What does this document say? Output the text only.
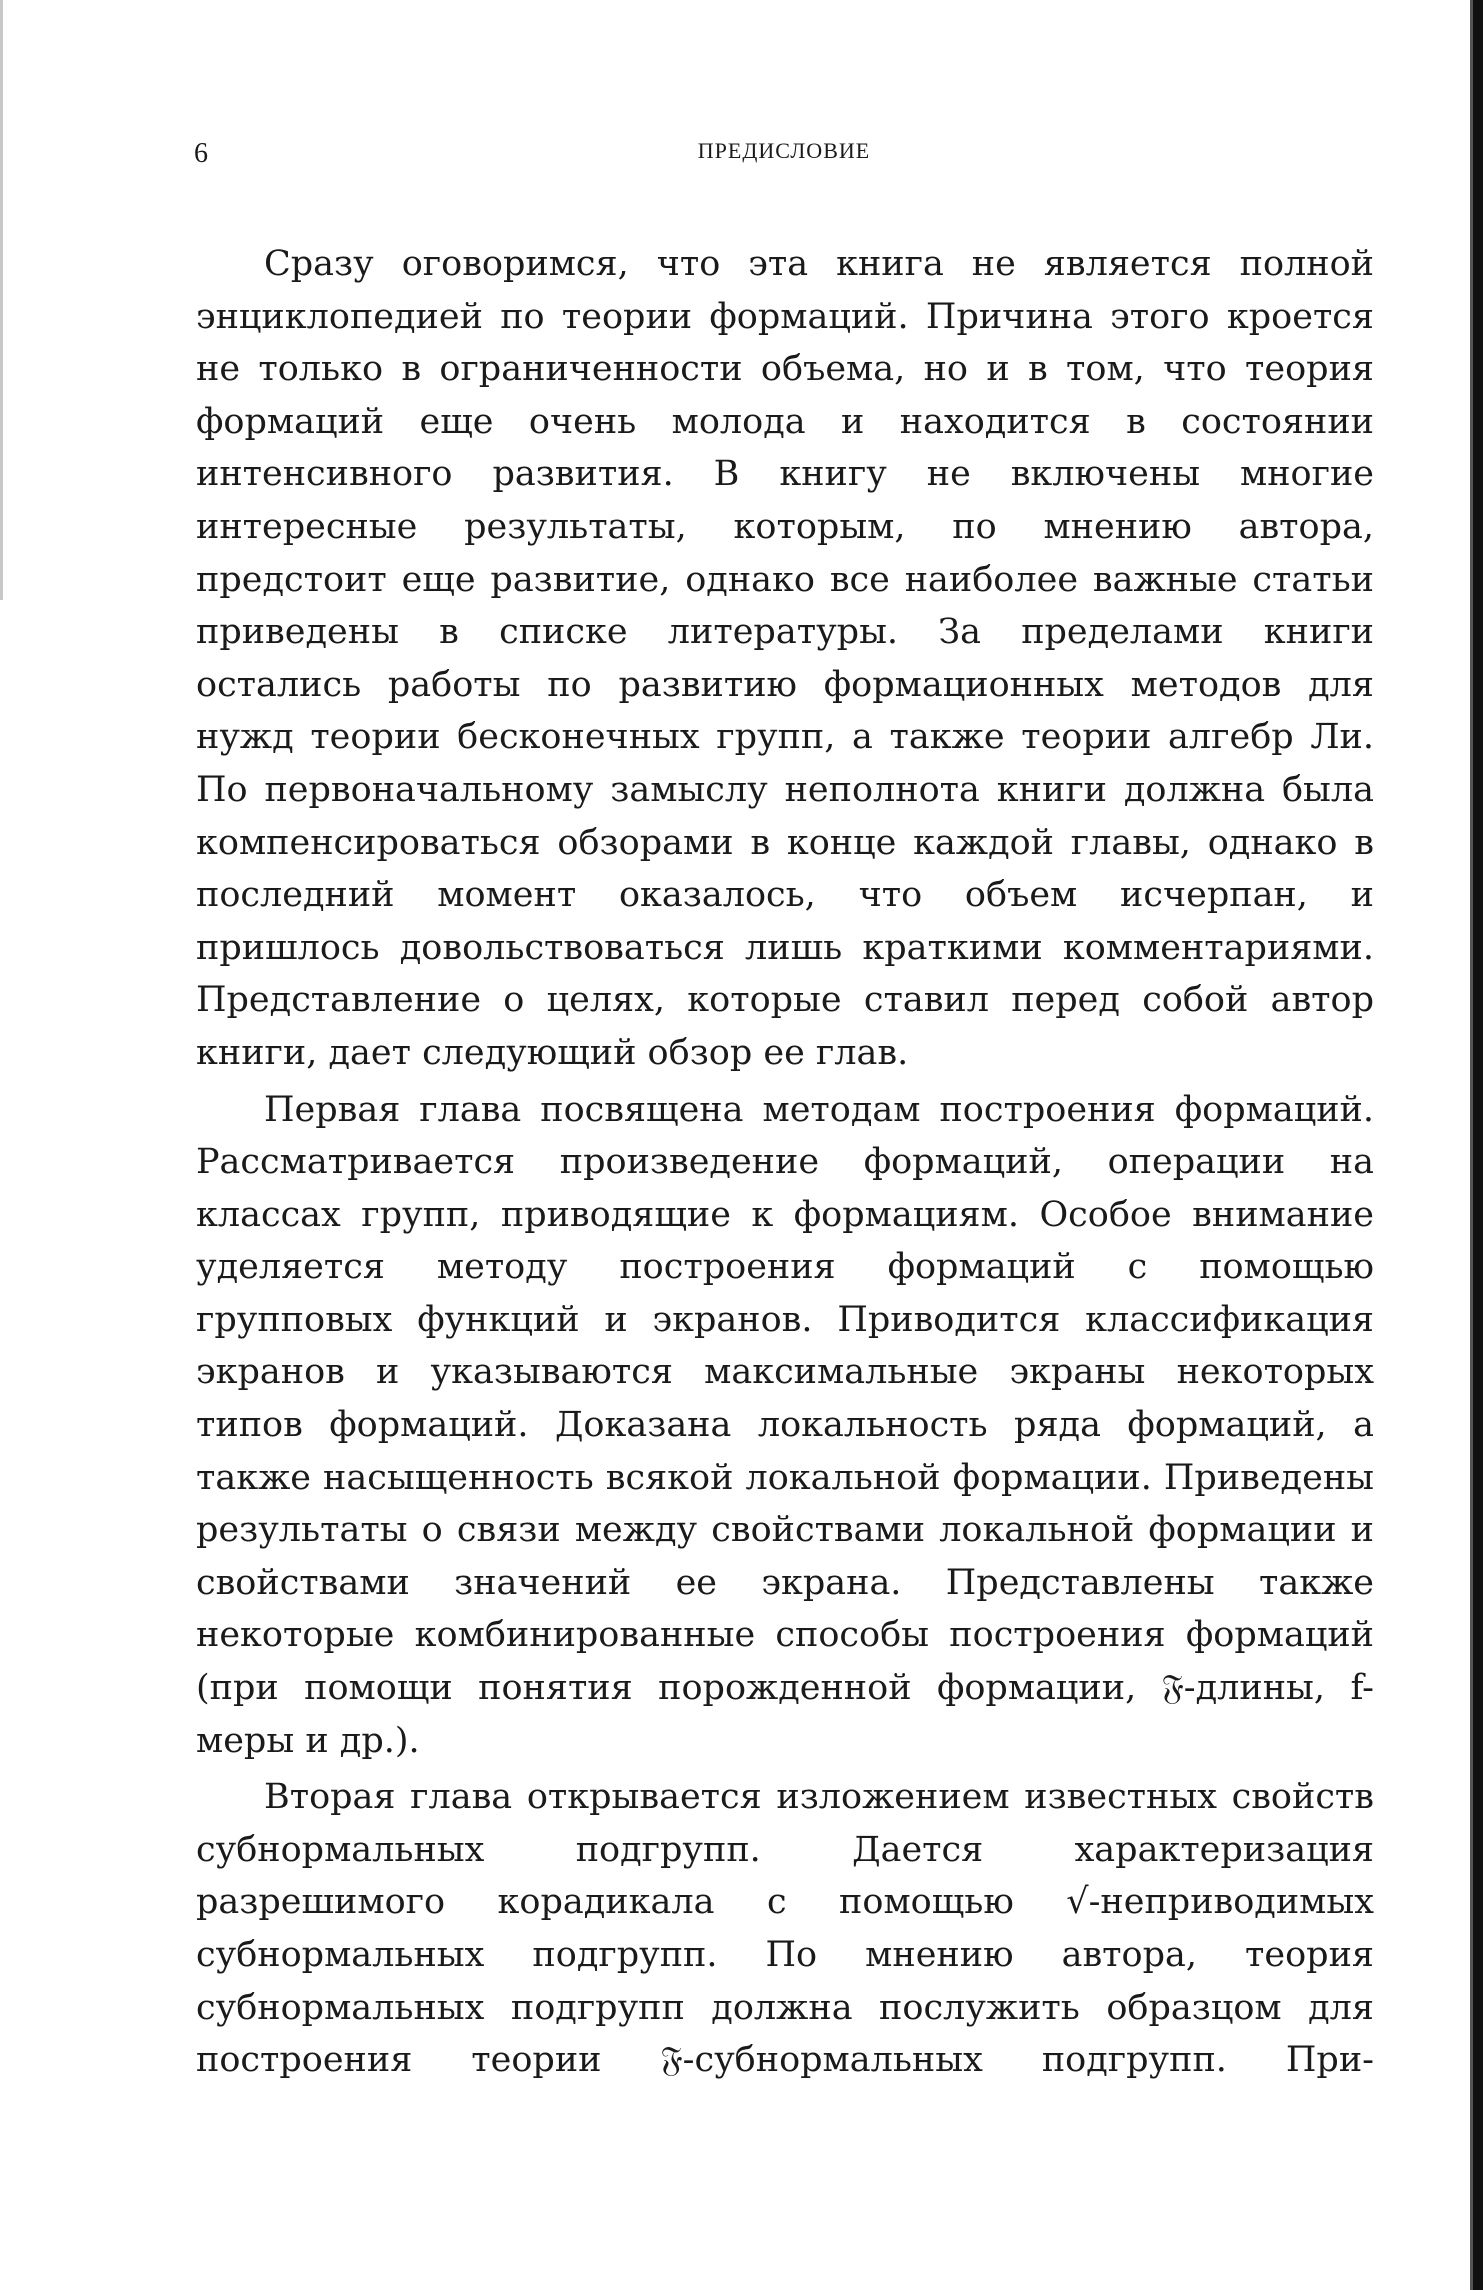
6	ПРЕДИСЛОВИЕ

Сразу оговоримся, что эта книга не является полной энциклопедией по теории формаций. Причина этого кроется не только в ограниченности объема, но и в том, что теория формаций еще очень молода и находится в состоянии интенсивного развития. В книгу не включены многие интересные результаты, которым, по мнению автора, предстоит еще развитие, однако все наиболее важные статьи приведены в списке литературы. За пределами книги остались работы по развитию формационных методов для нужд теории бесконечных групп, а также теории алгебр Ли. По первоначальному замыслу неполнота книги должна была компенсироваться обзорами в конце каждой главы, однако в последний момент оказалось, что объем исчерпан, и пришлось довольствоваться лишь краткими комментариями. Представление о целях, которые ставил перед собой автор книги, дает следующий обзор ее глав.

Первая глава посвящена методам построения формаций. Рассматривается произведение формаций, операции на классах групп, приводящие к формациям. Особое внимание уделяется методу построения формаций с помощью групповых функций и экранов. Приводится классификация экранов и указываются максимальные экраны некоторых типов формаций. Доказана локальность ряда формаций, а также насыщенность всякой локальной формации. Приведены результаты о связи между свойствами локальной формации и свойствами значений ее экрана. Представлены также некоторые комбинированные способы построения формаций (при помощи понятия порожденной формации, 𝔉-длины, f-меры и др.).

Вторая глава открывается изложением известных свойств субнормальных подгрупп. Дается характеризация разрешимого корадикала с помощью √-неприводимых субнормальных подгрупп. По мнению автора, теория субнормальных подгрупп должна послужить образцом для построения теории 𝔉-субнормальных подгрупп. При-
